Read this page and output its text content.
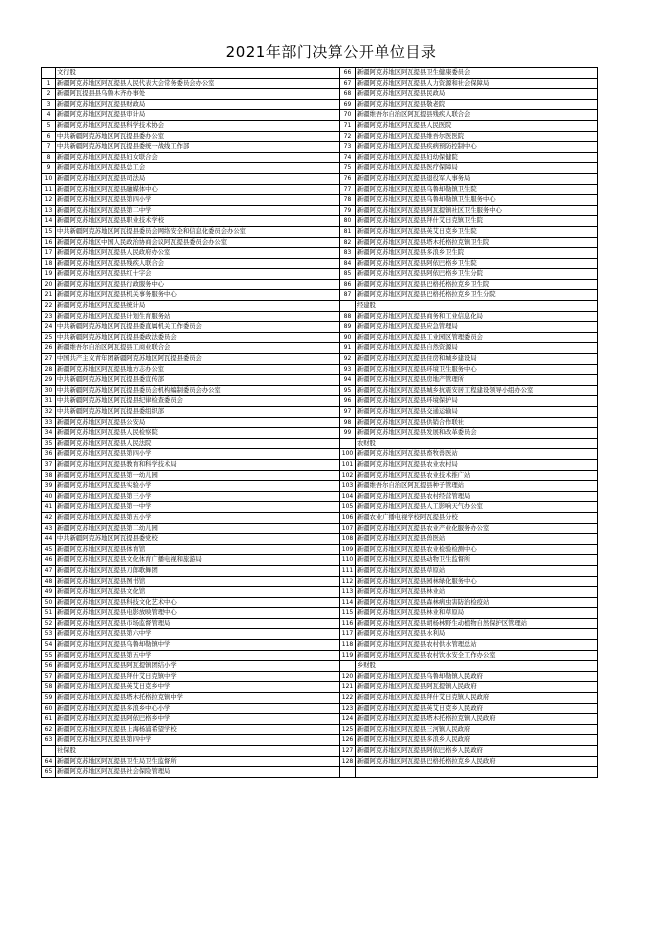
2021年部门决算公开单位目录
文行股	66 新疆阿克苏地区阿瓦提县卫生健康委员会
1	新疆阿克苏地区阿瓦提县人民代表大会常务委员会办公室	67 新疆阿克苏地区阿瓦提县人力资源和社会保障局
2	新疆阿瓦提县县乌鲁木齐办事处	68 新疆阿克苏地区阿瓦提县民政局
3	新疆阿克苏地区阿瓦提县财政局	69 新疆阿克苏地区阿瓦提县敬老院
4	新疆阿克苏地区阿瓦提县审计局	70 新疆维吾尔自治区阿瓦提县残疾人联合会
5	新疆阿克苏地区阿瓦提县科学技术协会	71 新疆阿克苏地区阿瓦提县人民医院
6	中共新疆阿克苏地区阿瓦提县委办公室	72 新疆阿克苏地区阿瓦提县维吾尔医医院
7	中共新疆阿克苏地区阿瓦提县委统一战线工作部	73 新疆阿克苏地区阿瓦提县疾病预防控制中心
8	新疆阿克苏地区阿瓦提县妇女联合会	74 新疆阿克苏地区阿瓦提县妇幼保健院
9	新疆阿克苏地区阿瓦提县总工会	75 新疆阿克苏地区阿瓦提县医疗保障局
10 新疆阿克苏地区阿瓦提县司法局	76 新疆阿克苏地区阿瓦提县退役军人事务局
11 新疆阿克苏地区阿瓦提县融媒体中心	77 新疆阿克苏地区阿瓦提县乌鲁却勒镇卫生院
12 新疆阿克苏地区阿瓦提县第四小学	78 新疆阿克苏地区阿瓦提县乌鲁却勒镇卫生服务中心
13 新疆阿克苏地区阿瓦提县第二中学	79 新疆阿克苏地区阿瓦提县阿瓦提镇社区卫生服务中心
14 新疆阿克苏地区阿瓦提县职业技术学校	80 新疆阿克苏地区阿瓦提县拜什艾日克镇卫生院
15 中共新疆阿克苏地区阿瓦提县委员会网络安全和信息化委员会办公室	81 新疆阿克苏地区阿瓦提县英艾日克乡卫生院
16 新疆阿克苏地区中国人民政治协商会议阿瓦提县委员会办公室	82 新疆阿克苏地区阿瓦提县塔木托格拉克镇卫生院
17 新疆阿克苏地区阿瓦提县人民政府办公室	83 新疆阿克苏地区阿瓦提县多浪乡卫生院
18 新疆阿克苏地区阿瓦提县残疾人联合会	84 新疆阿克苏地区阿瓦提县阿依巴格乡卫生院
19 新疆阿克苏地区阿瓦提县红十字会	85 新疆阿克苏地区阿瓦提县阿依巴格乡卫生分院
20 新疆阿克苏地区阿瓦提县行政服务中心	86 新疆阿克苏地区阿瓦提县巴格托格拉克乡卫生院
21 新疆阿克苏地区阿瓦提县机关事务服务中心	87 新疆阿克苏地区阿瓦提县巴格托格拉克乡卫生分院
22 新疆阿克苏地区阿瓦提县统计局	经建股
23 新疆阿克苏地区阿瓦提县计划生育服务站	88 新疆阿克苏地区阿瓦提县商务和工业信息化局
24 中共新疆阿克苏地区阿瓦提县委直属机关工作委员会	89 新疆阿克苏地区阿瓦提县应急管理局
25 中共新疆阿克苏地区阿瓦提县委政法委员会	90 新疆阿克苏地区阿瓦提县工业园区管理委员会
26 新疆维吾尔自治区阿瓦提县工商业联合会	91 新疆阿克苏地区阿瓦提县自然资源局
27 中国共产主义青年团新疆阿克苏地区阿瓦提县委员会	92 新疆阿克苏地区阿瓦提县住房和城乡建设局
28 新疆阿克苏地区阿瓦提县地方志办公室	93 新疆阿克苏地区阿瓦提县环境卫生服务中心
29 中共新疆阿克苏地区阿瓦提县委宣传部	94 新疆阿克苏地区阿瓦提县房地产管理所
30 中共新疆阿克苏地区阿瓦提县委员会机构编制委员会办公室	95 新疆阿克苏地区阿瓦提县城乡抗震安居工程建设领导小组办公室
31 中共新疆阿克苏地区阿瓦提县纪律检查委员会	96 新疆阿克苏地区阿瓦提县环境保护局
32 中共新疆阿克苏地区阿瓦提县委组织部	97 新疆阿克苏地区阿瓦提县交通运输局
33 新疆阿克苏地区阿瓦提县公安局	98 新疆阿克苏地区阿瓦提县供销合作联社
34 新疆阿克苏地区阿瓦提县人民检察院	99 新疆阿克苏地区阿瓦提县发展和改革委员会
35 新疆阿克苏地区阿瓦提县人民法院	农财股
36 新疆阿克苏地区阿瓦提县第四小学	100 新疆阿克苏地区阿瓦提县畜牧兽医站
37 新疆阿克苏地区阿瓦提县教育和科学技术局	101 新疆阿克苏地区阿瓦提县农业农村局
38 新疆阿克苏地区阿瓦提县第一幼儿园	102 新疆阿克苏地区阿瓦提县农业技术推广站
39 新疆阿克苏地区阿瓦提县实验小学	103 新疆维吾尔自治区阿瓦提县种子管理站
40 新疆阿克苏地区阿瓦提县第三小学	104 新疆阿克苏地区阿瓦提县农村经营管理局
41 新疆阿克苏地区阿瓦提县第一中学	105 新疆阿克苏地区阿瓦提县人工影响天气办公室
42 新疆阿克苏地区阿瓦提县第五小学	106 新疆农业广播电视学校阿瓦提县分校
43 新疆阿克苏地区阿瓦提县第二幼儿园	107 新疆阿克苏地区阿瓦提县农业产业化服务办公室
44 中共新疆阿克苏地区阿瓦提县委党校	108 新疆阿克苏地区阿瓦提县兽医站
45 新疆阿克苏地区阿瓦提县体育馆	109 新疆阿克苏地区阿瓦提县农业检验检测中心
46 新疆阿克苏地区阿瓦提县文化体育广播电视和旅游局	110 新疆阿克苏地区阿瓦提县动物卫生监督所
47 新疆阿克苏地区阿瓦提县刀郎歌舞团	111 新疆阿克苏地区阿瓦提县草原站
48 新疆阿克苏地区阿瓦提县图书馆	112 新疆阿克苏地区阿瓦提县园林绿化服务中心
49 新疆阿克苏地区阿瓦提县文化馆	113 新疆阿克苏地区阿瓦提县林业站
50 新疆阿克苏地区阿瓦提县科技文化艺术中心	114 新疆阿克苏地区阿瓦提县森林病虫害防治检疫站
51 新疆阿克苏地区阿瓦提县电影放映管理中心	115 新疆阿克苏地区阿瓦提县林业和草原局
52 新疆阿克苏地区阿瓦提县市场监督管理局	116 新疆阿克苏地区阿瓦提县胡杨林野生动植物自然保护区管理站
53 新疆阿克苏地区阿瓦提县第六中学	117 新疆阿克苏地区阿瓦提县水利局
54 新疆阿克苏地区阿瓦提县乌鲁却勒镇中学	118 新疆阿克苏地区阿瓦提县农村供水管理总站
55 新疆阿克苏地区阿瓦提县第五中学	119 新疆阿克苏地区阿瓦提县农村饮水安全工作办公室
56 新疆阿克苏地区阿瓦提县阿瓦提镇团结小学	乡财股
57 新疆阿克苏地区阿瓦提县拜什艾日克镇中学	120 新疆阿克苏地区阿瓦提县乌鲁却勒镇人民政府
58 新疆阿克苏地区阿瓦提县英艾日克乡中学	121 新疆阿克苏地区阿瓦提县阿瓦提镇人民政府
59 新疆阿克苏地区阿瓦提县塔木托格拉克镇中学	122 新疆阿克苏地区阿瓦提县拜什艾日克镇人民政府
60 新疆阿克苏地区阿瓦提县多浪乡中心小学	123 新疆阿克苏地区阿瓦提县英艾日克乡人民政府
61 新疆阿克苏地区阿瓦提县阿依巴格乡中学	124 新疆阿克苏地区阿瓦提县塔木托格拉克镇人民政府
62 新疆阿克苏地区阿瓦提县上海杨浦希望学校	125 新疆阿克苏地区阿瓦提县三河镇人民政府
63 新疆阿克苏地区阿瓦提县第四中学	126 新疆阿克苏地区阿瓦提县多浪乡人民政府
社保股	127 新疆阿克苏地区阿瓦提县阿依巴格乡人民政府
64 新疆阿克苏地区阿瓦提县卫生局卫生监督所	128 新疆阿克苏地区阿瓦提县巴格托格拉克乡人民政府
65 新疆阿克苏地区阿瓦提县社会保险管理局
